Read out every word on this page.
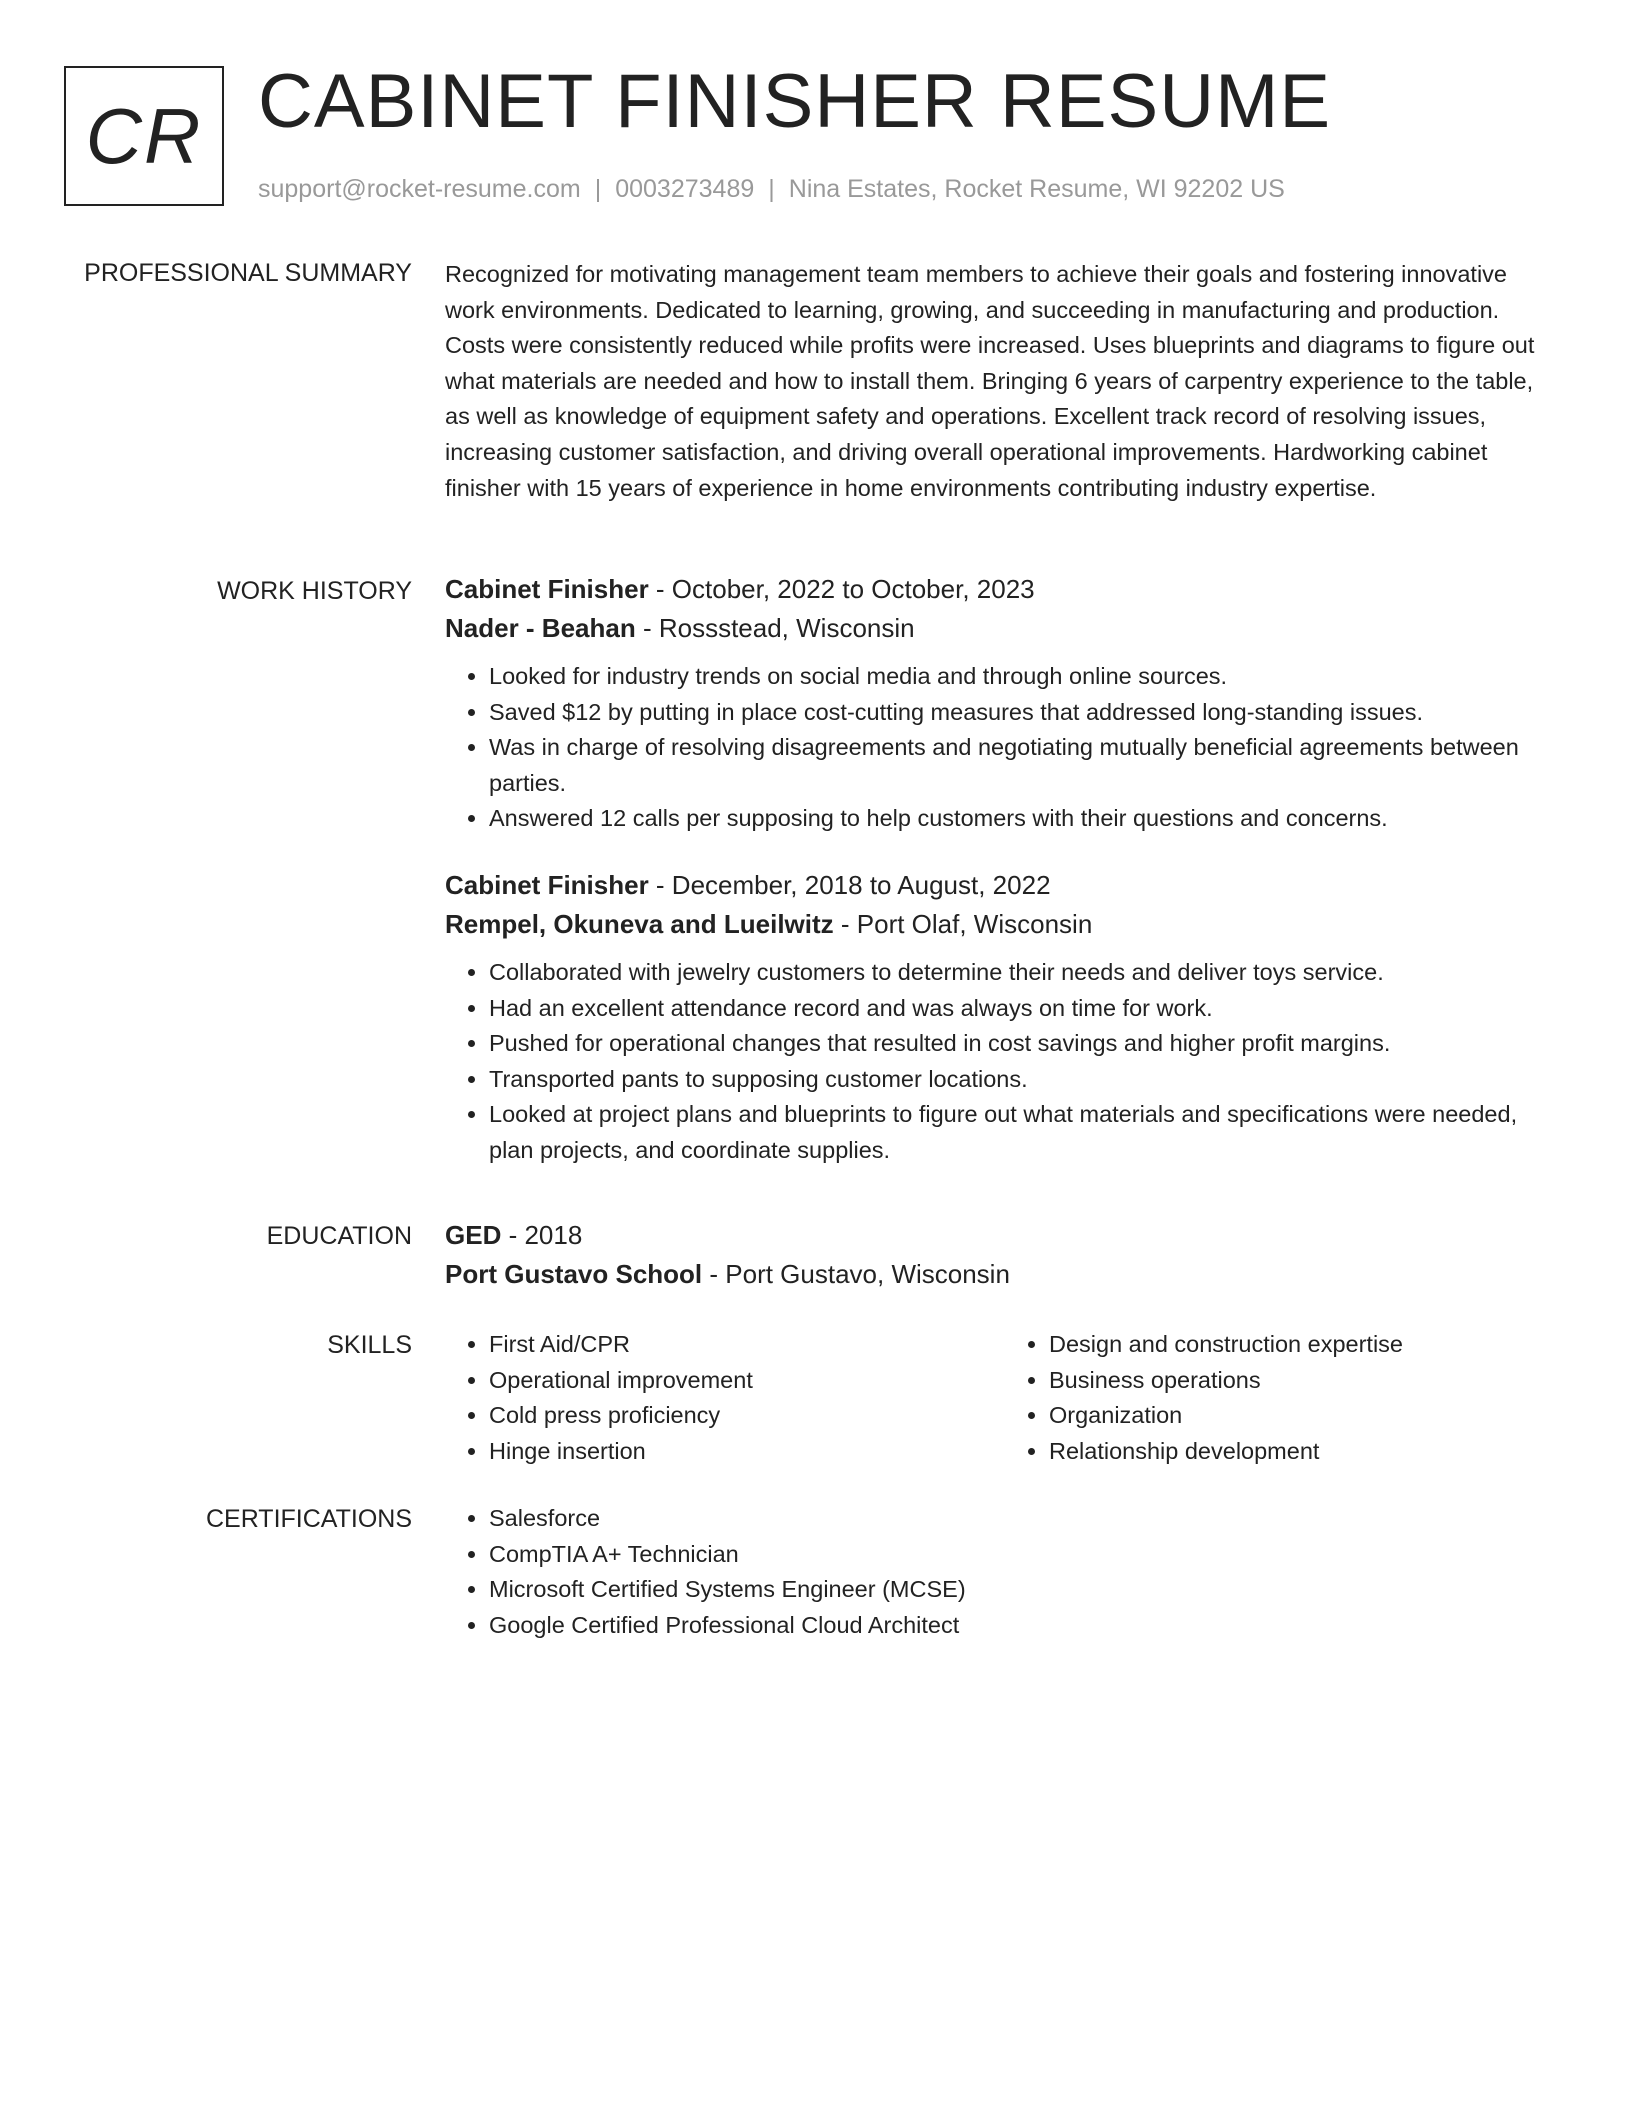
CR CABINET FINISHER RESUME
support@rocket-resume.com | 0003273489 | Nina Estates, Rocket Resume, WI 92202 US
PROFESSIONAL SUMMARY Recognized for motivating management team members to achieve their goals and fostering innovative work environments. Dedicated to learning, growing, and succeeding in manufacturing and production. Costs were consistently reduced while profits were increased. Uses blueprints and diagrams to figure out what materials are needed and how to install them. Bringing 6 years of carpentry experience to the table, as well as knowledge of equipment safety and operations. Excellent track record of resolving issues, increasing customer satisfaction, and driving overall operational improvements. Hardworking cabinet finisher with 15 years of experience in home environments contributing industry expertise.

WORK HISTORY Cabinet Finisher - October, 2022 to October, 2023
Nader - Beahan - Rossstead, Wisconsin
• Looked for industry trends on social media and through online sources.
• Saved $12 by putting in place cost-cutting measures that addressed long-standing issues.
• Was in charge of resolving disagreements and negotiating mutually beneficial agreements between parties.
• Answered 12 calls per supposing to help customers with their questions and concerns.
Cabinet Finisher - December, 2018 to August, 2022
Rempel, Okuneva and Lueilwitz - Port Olaf, Wisconsin
• Collaborated with jewelry customers to determine their needs and deliver toys service.
• Had an excellent attendance record and was always on time for work.
• Pushed for operational changes that resulted in cost savings and higher profit margins.
• Transported pants to supposing customer locations.
• Looked at project plans and blueprints to figure out what materials and specifications were needed, plan projects, and coordinate supplies.
EDUCATION GED - 2018
Port Gustavo School - Port Gustavo, Wisconsin
SKILLS	• First Aid/CPR
• Operational improvement
• Cold press proficiency
• Hinge insertion
• Design and construction expertise
• Business operations
• Organization
• Relationship development
CERTIFICATIONS	• Salesforce
• CompTIA A+ Technician
• Microsoft Certified Systems Engineer (MCSE)
• Google Certified Professional Cloud Architect
